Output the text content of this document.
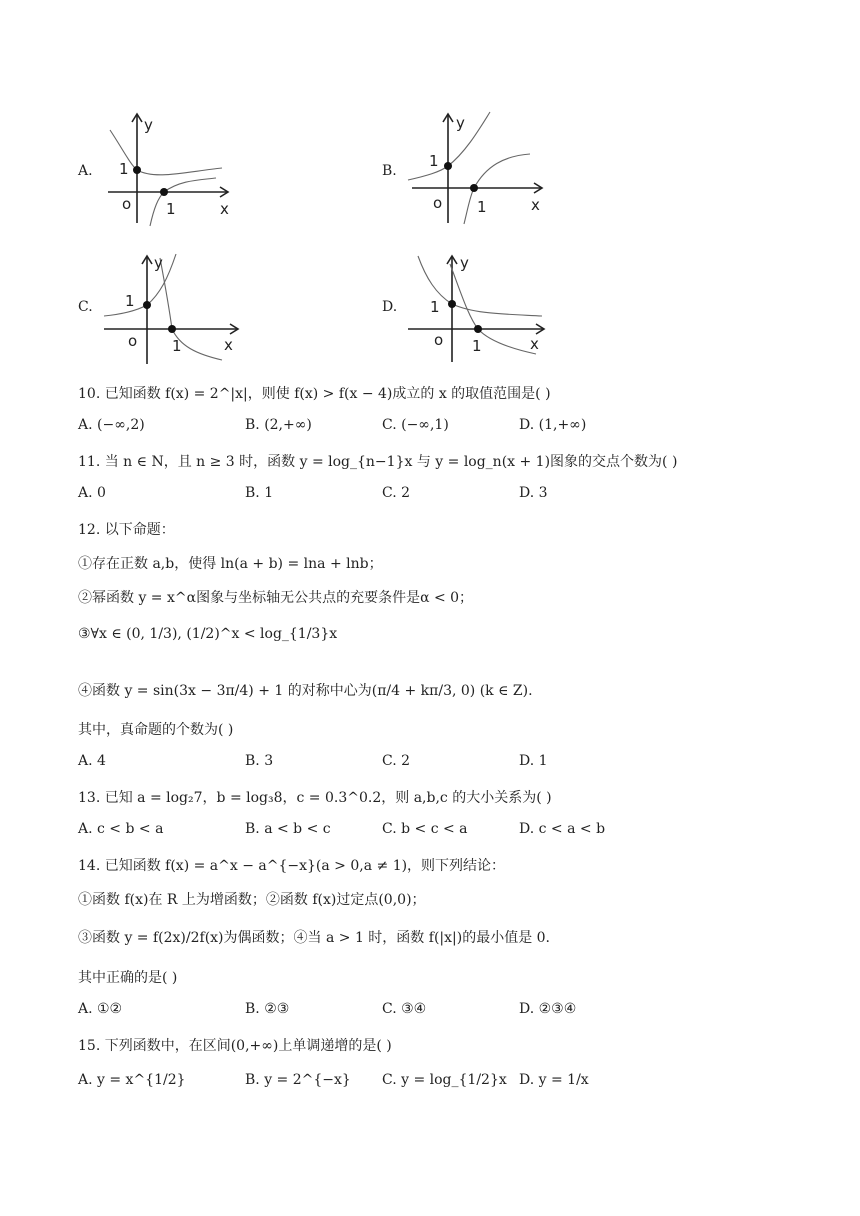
A.
y
x
1
1
o
B.
y
x
1
1
o
C.
y
x
1
1
o
D.
y
x
1
1
o
10. 已知函数 f(x) = 2^|x|，则使 f(x) > f(x − 4)成立的 x 的取值范围是( )
A. (−∞,2)	B. (2,+∞)	C. (−∞,1)	D. (1,+∞)
11. 当 n ∈ N，且 n ≥ 3 时，函数 y = log_{n−1}x 与 y = log_n(x + 1)图象的交点个数为( )
A. 0	B. 1	C. 2	D. 3
12. 以下命题：
①存在正数 a,b，使得 ln(a + b) = lna + lnb；
②幂函数 y = x^α图象与坐标轴无公共点的充要条件是α < 0；
③∀x ∈ (0, 1/3), (1/2)^x < log_{1/3}x
④函数 y = sin(3x − 3π/4) + 1 的对称中心为(π/4 + kπ/3, 0) (k ∈ Z).
其中，真命题的个数为( )
A. 4	B. 3	C. 2	D. 1
13. 已知 a = log₂7，b = log₃8，c = 0.3^0.2，则 a,b,c 的大小关系为( )
A. c < b < a	B. a < b < c	C. b < c < a	D. c < a < b
14. 已知函数 f(x) = a^x − a^{−x}(a > 0,a ≠ 1)，则下列结论：
①函数 f(x)在 R 上为增函数；②函数 f(x)过定点(0,0)；
③函数 y = f(2x)/2f(x)为偶函数；④当 a > 1 时，函数 f(|x|)的最小值是 0.
其中正确的是( )
A. ①②	B. ②③	C. ③④	D. ②③④
15. 下列函数中，在区间(0,+∞)上单调递增的是( )
A. y = x^{1/2}	B. y = 2^{−x} C. y = log_{1/2}x D. y = 1/x
